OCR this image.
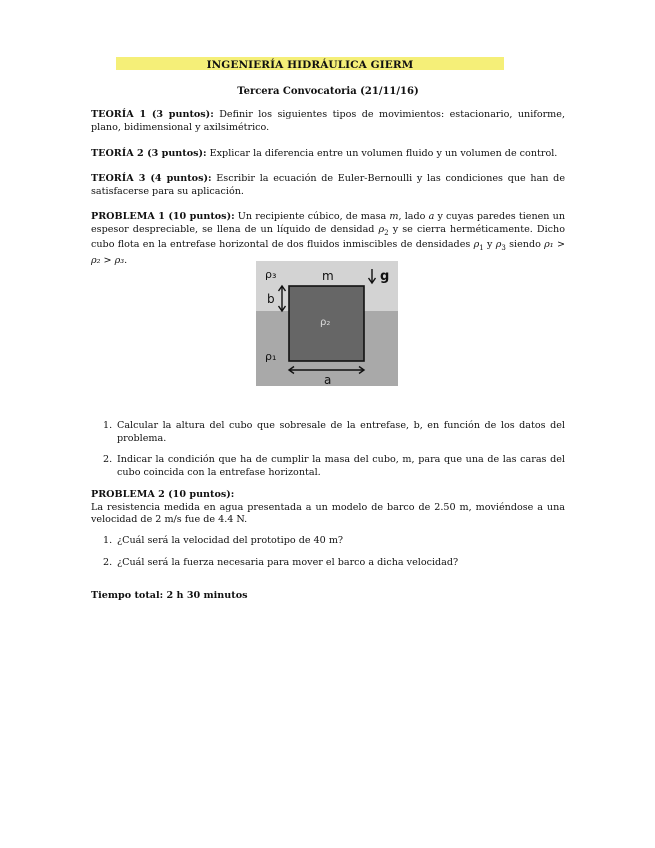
INGENIERÍA HIDRÁULICA GIERM
Tercera Convocatoria (21/11/16)
TEORÍA 1 (3 puntos): Definir los siguientes tipos de movimientos: estacionario, uniforme, plano, bidimensional y axilsimétrico.
TEORÍA 2 (3 puntos): Explicar la diferencia entre un volumen fluido y un volumen de control.
TEORÍA 3 (4 puntos): Escribir la ecuación de Euler-Bernoulli y las condiciones que han de satisfacerse para su aplicación.
PROBLEMA 1 (10 puntos): Un recipiente cúbico, de masa m, lado a y cuyas paredes tienen un espesor despreciable, se llena de un líquido de densidad $\rho_2$ y se cierra herméticamente. Dicho cubo flota en la entrefase horizontal de dos fluidos inmiscibles de densidades $\rho_1$ y $\rho_3$ siendo ρ₁ > ρ₂ > ρ₃.
ρ₃	m	g
b
ρ₂
ρ₁
a
1. Calcular la altura del cubo que sobresale de la entrefase, b, en función de los datos del problema.
2. Indicar la condición que ha de cumplir la masa del cubo, m, para que una de las caras del cubo coincida con la entrefase horizontal.
PROBLEMA 2 (10 puntos):
La resistencia medida en agua presentada a un modelo de barco de 2.50 m, moviéndose a una velocidad de 2 m/s fue de 4.4 N.
1. ¿Cuál será la velocidad del prototipo de 40 m?
2. ¿Cuál será la fuerza necesaria para mover el barco a dicha velocidad?
Tiempo total: 2 h 30 minutos
